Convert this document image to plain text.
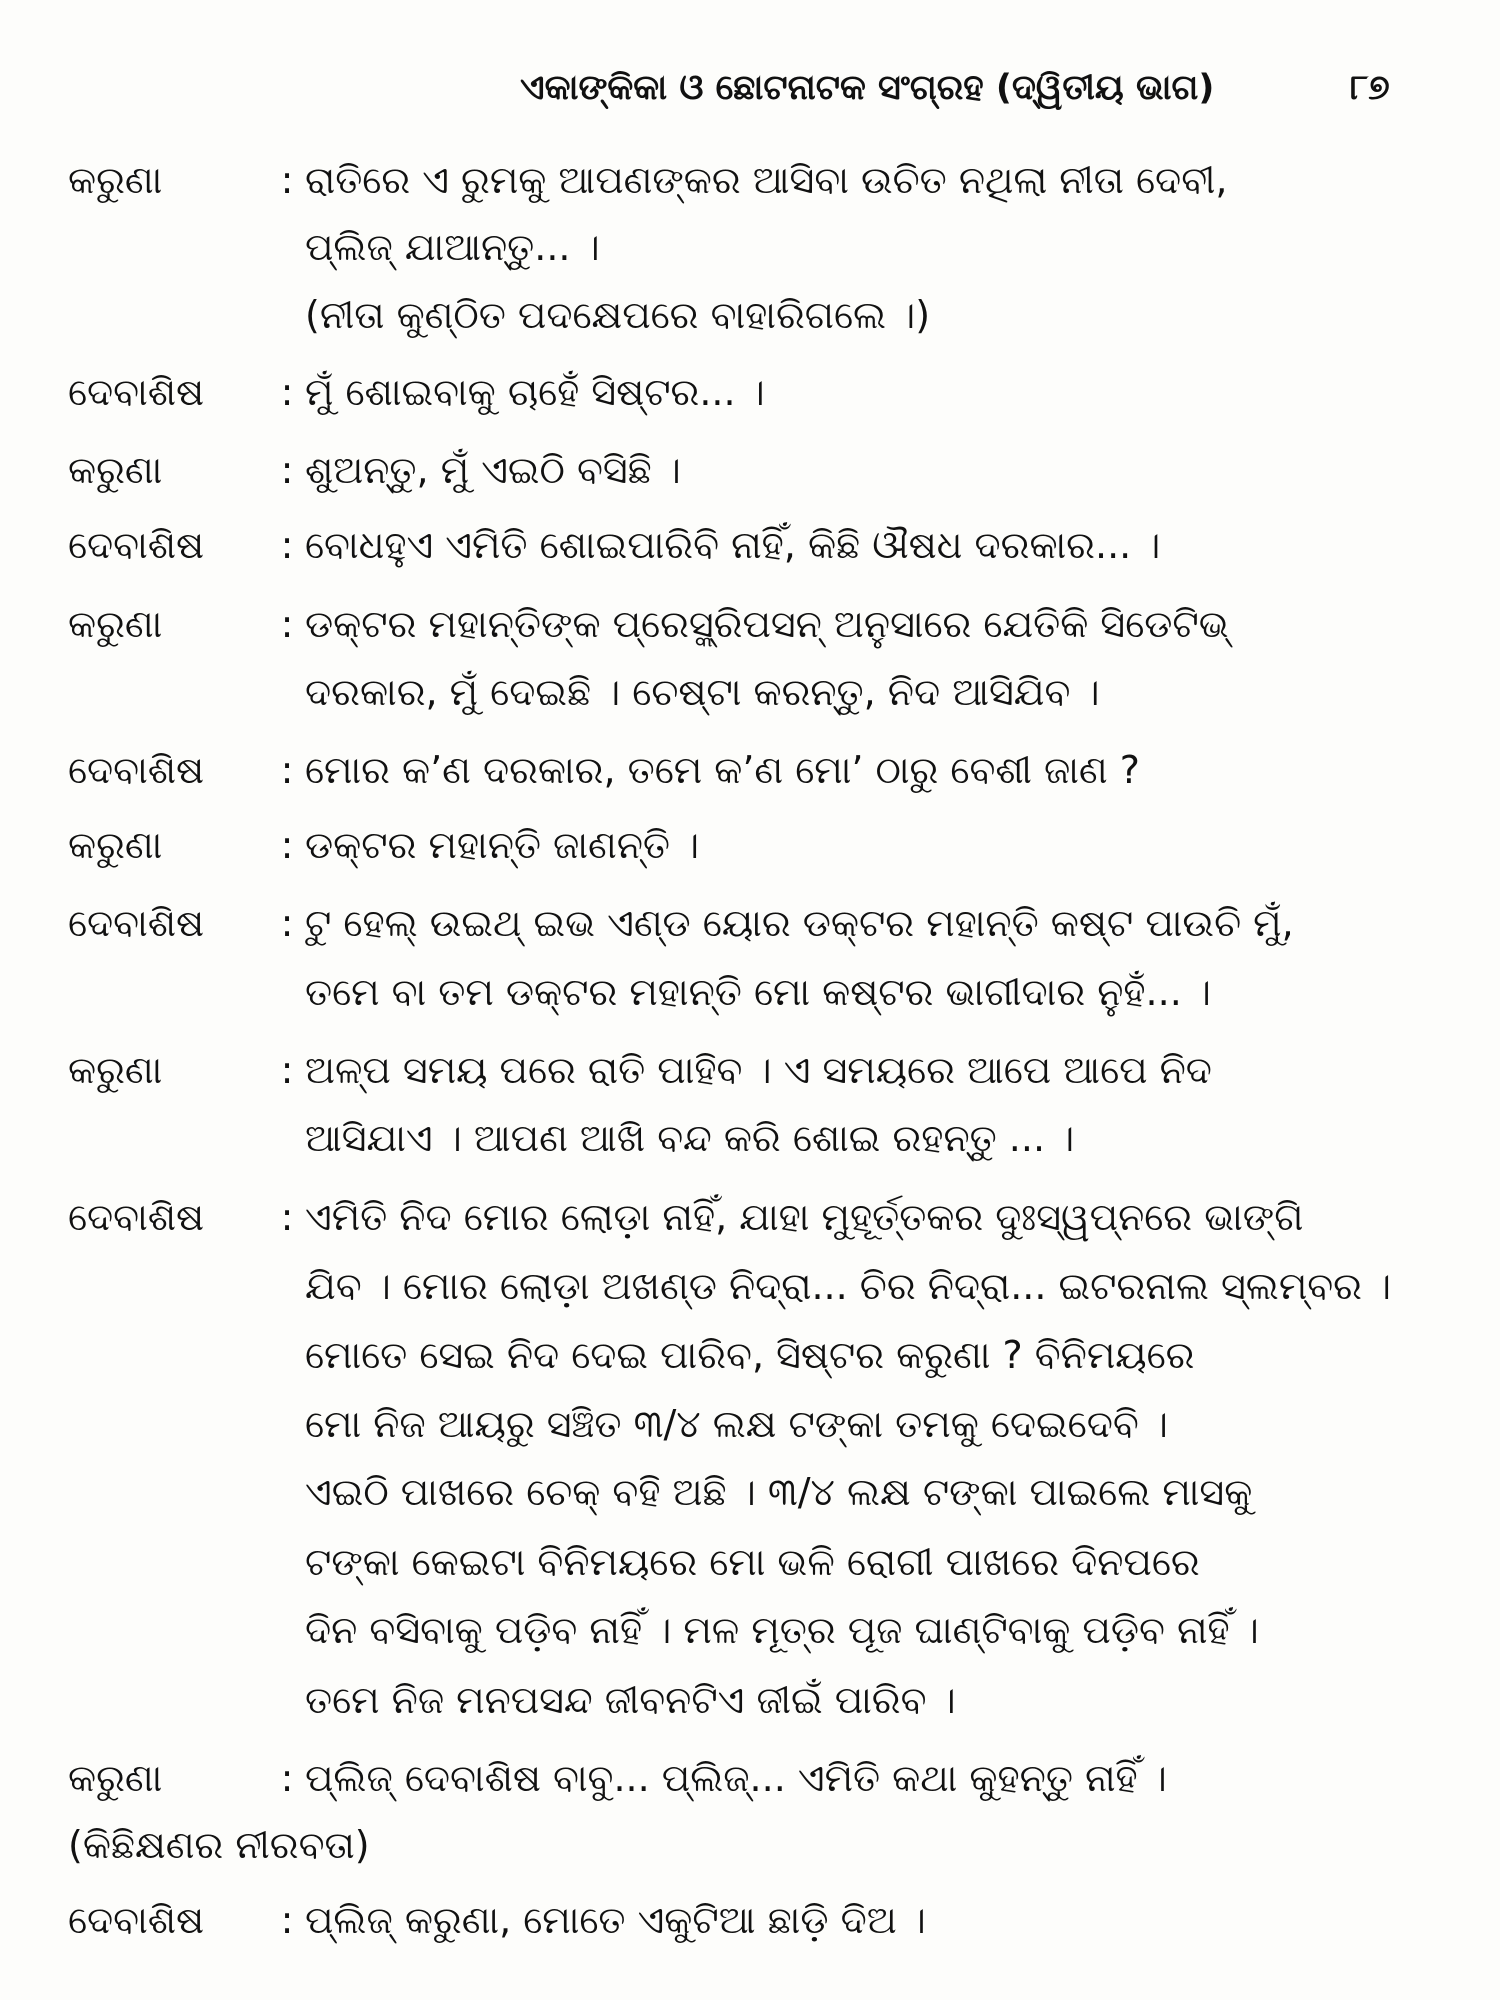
ଏକାଙ୍କିକା ଓ ଛୋଟନାଟକ ସଂଗ୍ରହ (ଦ୍ୱିତୀୟ ଭାଗ)	୮୭
କରୁଣା	: ରାତିରେ ଏ ରୁମକୁ ଆପଣଙ୍କର ଆସିବା ଉଚିତ ନଥିଲା ନୀତା ଦେବୀ,
ପ୍ଲିଜ୍ ଯାଆନ୍ତୁ... ।
(ନୀତା କୁଣ୍ଠିତ ପଦକ୍ଷେପରେ ବାହାରିଗଲେ ।)
ଦେବାଶିଷ	: ମୁଁ ଶୋଇବାକୁ ଚାହେଁ ସିଷ୍ଟର... ।
କରୁଣା	: ଶୁଅନ୍ତୁ, ମୁଁ ଏଇଠି ବସିଛି ।
ଦେବାଶିଷ	: ବୋଧହୁଏ ଏମିତି ଶୋଇପାରିବି ନାହିଁ, କିଛି ଔଷଧ ଦରକାର... ।
କରୁଣା	: ଡକ୍ଟର ମହାନ୍ତିଙ୍କ ପ୍ରେସ୍କ୍ରିପସନ୍ ଅନୁସାରେ ଯେତିକି ସିଡେଟିଭ୍
ଦରକାର, ମୁଁ ଦେଇଛି । ଚେଷ୍ଟା କରନ୍ତୁ, ନିଦ ଆସିଯିବ ।
ଦେବାଶିଷ	: ମୋର କ’ଣ ଦରକାର, ତମେ କ’ଣ ମୋ’ ଠାରୁ ବେଶୀ ଜାଣ ?
କରୁଣା	: ଡକ୍ଟର ମହାନ୍ତି ଜାଣନ୍ତି ।
ଦେବାଶିଷ	: ଟୁ ହେଲ୍ ଉଇଥ୍ ଇଭ ଏଣ୍ଡ ୟୋର ଡକ୍ଟର ମହାନ୍ତି କଷ୍ଟ ପାଉଚି ମୁଁ,
ତମେ ବା ତମ ଡକ୍ଟର ମହାନ୍ତି ମୋ କଷ୍ଟର ଭାଗୀଦାର ନୁହଁ... ।
କରୁଣା	: ଅଳ୍ପ ସମୟ ପରେ ରାତି ପାହିବ । ଏ ସମୟରେ ଆପେ ଆପେ ନିଦ
ଆସିଯାଏ । ଆପଣ ଆଖି ବନ୍ଦ କରି ଶୋଇ ରହନ୍ତୁ ... ।
ଦେବାଶିଷ	: ଏମିତି ନିଦ ମୋର ଲୋଡ଼ା ନାହିଁ, ଯାହା ମୁହୂର୍ତ୍ତକର ଦୁଃସ୍ୱପ୍ନରେ ଭାଙ୍ଗି
ଯିବ । ମୋର ଲୋଡ଼ା ଅଖଣ୍ଡ ନିଦ୍ରା... ଚିର ନିଦ୍ରା... ଇଟରନାଲ ସ୍ଲମ୍ବର ।
ମୋତେ ସେଇ ନିଦ ଦେଇ ପାରିବ, ସିଷ୍ଟର କରୁଣା ? ବିନିମୟରେ
ମୋ ନିଜ ଆୟରୁ ସଞ୍ଚିତ ୩/୪ ଲକ୍ଷ ଟଙ୍କା ତମକୁ ଦେଇଦେବି ।
ଏଇଠି ପାଖରେ ଚେକ୍ ବହି ଅଛି । ୩/୪ ଲକ୍ଷ ଟଙ୍କା ପାଇଲେ ମାସକୁ
ଟଙ୍କା କେଇଟା ବିନିମୟରେ ମୋ ଭଳି ରୋଗୀ ପାଖରେ ଦିନପରେ
ଦିନ ବସିବାକୁ ପଡ଼ିବ ନାହିଁ । ମଳ ମୂତ୍ର ପୂଜ ଘାଣ୍ଟିବାକୁ ପଡ଼ିବ ନାହିଁ ।
ତମେ ନିଜ ମନପସନ୍ଦ ଜୀବନଟିଏ ଜୀଇଁ ପାରିବ ।
କରୁଣା	: ପ୍ଲିଜ୍ ଦେବାଶିଷ ବାବୁ... ପ୍ଲିଜ୍... ଏମିତି କଥା କୁହନ୍ତୁ ନାହିଁ ।
(କିଛିକ୍ଷଣର ନୀରବତା)
ଦେବାଶିଷ	: ପ୍ଲିଜ୍ କରୁଣା, ମୋତେ ଏକୁଟିଆ ଛାଡ଼ି ଦିଅ ।
